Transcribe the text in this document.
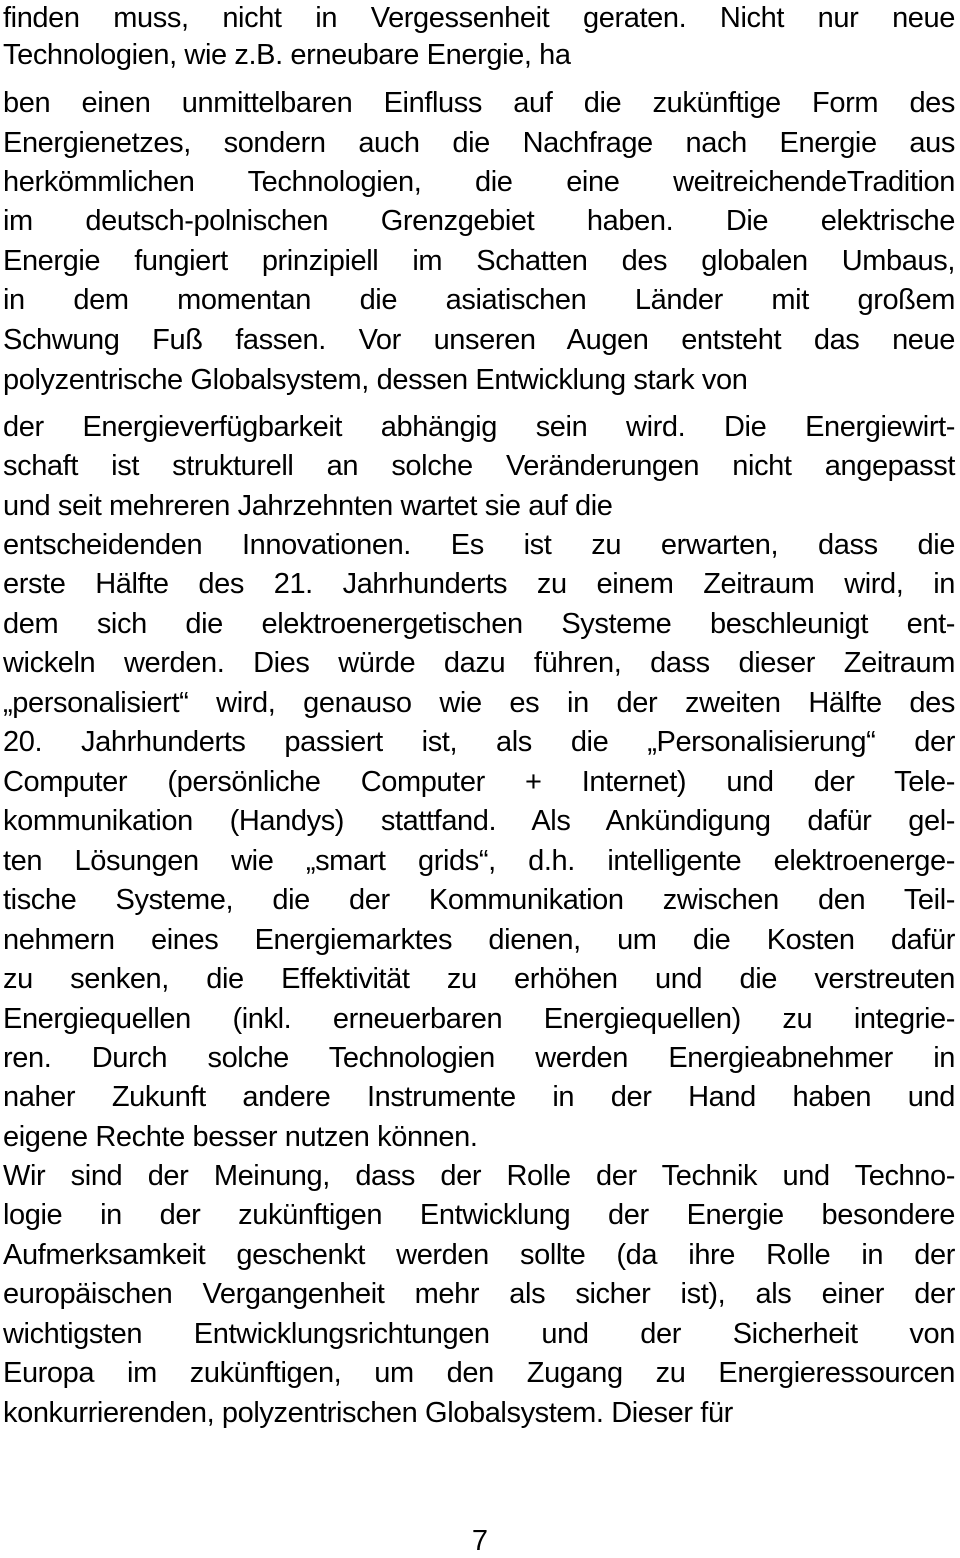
finden muss, nicht in Vergessenheit geraten. Nicht nur neue
Technologien, wie z.B. erneubare Energie, ha
ben einen unmittelbaren Einfluss auf die zukünftige Form des
Energienetzes, sondern auch die Nachfrage nach Energie aus
herkömmlichen Technologien, die eine weitreichendeTradition
im deutsch-polnischen Grenzgebiet haben. Die elektrische
Energie fungiert prinzipiell im Schatten des globalen Umbaus,
in dem momentan die asiatischen Länder mit großem
Schwung Fuß fassen. Vor unseren Augen entsteht das neue
polyzentrische Globalsystem, dessen Entwicklung stark von
der Energieverfügbarkeit abhängig sein wird. Die Energiewirt-
schaft ist strukturell an solche Veränderungen nicht angepasst
und seit mehreren Jahrzehnten wartet sie auf die
entscheidenden Innovationen. Es ist zu erwarten, dass die
erste Hälfte des 21. Jahrhunderts zu einem Zeitraum wird, in
dem sich die elektroenergetischen Systeme beschleunigt ent-
wickeln werden. Dies würde dazu führen, dass dieser Zeitraum
„personalisiert“ wird, genauso wie es in der zweiten Hälfte des
20. Jahrhunderts passiert ist, als die „Personalisierung“ der
Computer (persönliche Computer + Internet) und der Tele-
kommunikation (Handys) stattfand. Als Ankündigung dafür gel-
ten Lösungen wie „smart grids“, d.h. intelligente elektroenerge-
tische Systeme, die der Kommunikation zwischen den Teil-
nehmern eines Energiemarktes dienen, um die Kosten dafür
zu senken, die Effektivität zu erhöhen und die verstreuten
Energiequellen (inkl. erneuerbaren Energiequellen) zu integrie-
ren. Durch solche Technologien werden Energieabnehmer in
naher Zukunft andere Instrumente in der Hand haben und
eigene Rechte besser nutzen können.
Wir sind der Meinung, dass der Rolle der Technik und Techno-
logie in der zukünftigen Entwicklung der Energie besondere
Aufmerksamkeit geschenkt werden sollte (da ihre Rolle in der
europäischen Vergangenheit mehr als sicher ist), als einer der
wichtigsten Entwicklungsrichtungen und der Sicherheit von
Europa im zukünftigen, um den Zugang zu Energieressourcen
konkurrierenden, polyzentrischen Globalsystem. Dieser für
7
